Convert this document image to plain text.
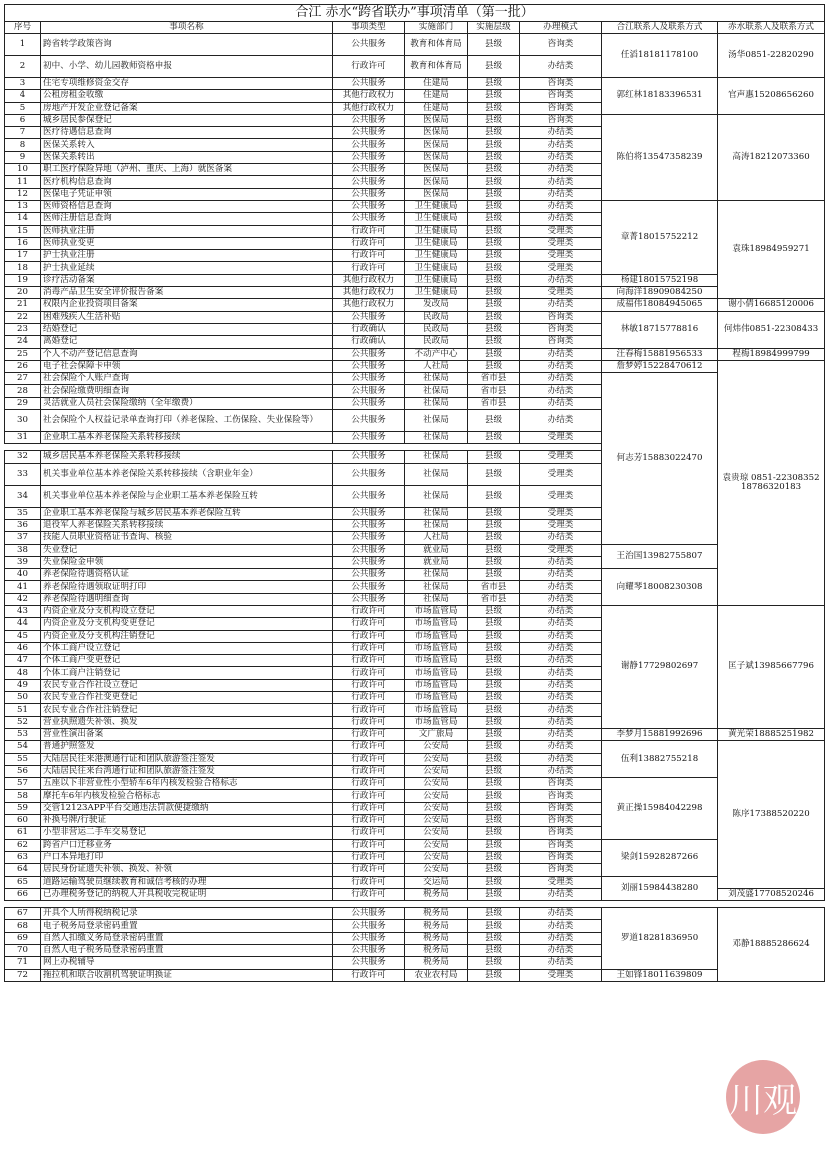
合江 赤水“跨省联办”事项清单（第一批）							
序号	事项名称	事项类型	实施部门	实施层级	办理模式	合江联系人及联系方式	赤水联系人及联系方式
1	跨省转学政策咨询	公共服务	教育和体育局	县级	咨询类	任滔18181178100	汤华0851-22820290
2	初中、小学、幼儿园教师资格申报	行政许可	教育和体育局	县级	办结类		
3	住宅专项维修资金交存	公共服务	住建局	县级	咨询类	郭红林18183396531	官声惠15208656260
4	公租房租金收缴	其他行政权力	住建局	县级	咨询类		
5	房地产开发企业登记备案	其他行政权力	住建局	县级	咨询类		
6	城乡居民参保登记	公共服务	医保局	县级	咨询类	陈伯将13547358239	高涛18212073360
7	医疗待遇信息查询	公共服务	医保局	县级	办结类		
8	医保关系转入	公共服务	医保局	县级	办结类		
9	医保关系转出	公共服务	医保局	县级	办结类		
10	职工医疗保险异地（泸州、重庆、上海）就医备案	公共服务	医保局	县级	办结类		
11	医疗机构信息查询	公共服务	医保局	县级	办结类		
12	医保电子凭证申领	公共服务	医保局	县级	办结类		
13	医师资格信息查询	公共服务	卫生健康局	县级	办结类	章菁18015752212	袁珠18984959271
14	医师注册信息查询	公共服务	卫生健康局	县级	办结类		
15	医师执业注册	行政许可	卫生健康局	县级	受理类		
16	医师执业变更	行政许可	卫生健康局	县级	受理类		
17	护士执业注册	行政许可	卫生健康局	县级	受理类		
18	护士执业延续	行政许可	卫生健康局	县级	受理类		
19	诊疗活动备案	其他行政权力	卫生健康局	县级	办结类	杨建18015752198	
20	消毒产品卫生安全评价报告备案	其他行政权力	卫生健康局	县级	受理类	向海洋18909084250	
21	权限内企业投资项目备案	其他行政权力	发改局	县级	办结类	成福伟18084945065	谢小倩16685120006
22	困难残疾人生活补贴	公共服务	民政局	县级	咨询类	林敏18715778816	何炜伟0851-22308433
23	结婚登记	行政确认	民政局	县级	咨询类		
24	离婚登记	行政确认	民政局	县级	咨询类		
25	个人不动产登记信息查询	公共服务	不动产中心	县级	办结类	汪春梅15881956533	程梅18984999799
26	电子社会保障卡申领	公共服务	人社局	县级	办结类	詹梦婷15228470612	袁贵琼 0851-22308352 18786320183
27	社会保险个人账户查询	公共服务	社保局	省市县	办结类	何志芳15883022470	
28	社会保险缴费明细查询	公共服务	社保局	省市县	办结类		
29	灵活就业人员社会保险缴纳（全年缴费）	公共服务	社保局	省市县	办结类		
30	社会保险个人权益记录单查询打印（养老保险、工伤保险、失业保险等）	公共服务	社保局	县级	办结类		
31	企业职工基本养老保险关系转移接续	公共服务	社保局	县级	受理类		

32	城乡居民基本养老保险关系转移接续	公共服务	社保局	县级	受理类		
33	机关事业单位基本养老保险关系转移接续（含职业年金）	公共服务	社保局	县级	受理类		
34	机关事业单位基本养老保险与企业职工基本养老保险互转	公共服务	社保局	县级	受理类		
35	企业职工基本养老保险与城乡居民基本养老保险互转	公共服务	社保局	县级	受理类		
36	退役军人养老保险关系转移接续	公共服务	社保局	县级	受理类		
37	技能人员职业资格证书查询、核验	公共服务	人社局	县级	办结类		
38	失业登记	公共服务	就业局	县级	受理类	王治国13982755807	
39	失业保险金申领	公共服务	就业局	县级	办结类		
40	养老保险待遇资格认证	公共服务	社保局	县级	办结类	向耀琴18008230308	
41	养老保险待遇领取证明打印	公共服务	社保局	省市县	办结类		
42	养老保险待遇明细查询	公共服务	社保局	省市县	办结类		
43	内资企业及分支机构设立登记	行政许可	市场监管局	县级	办结类	谢静17729802697	匡子斌13985667796
44	内资企业及分支机构变更登记	行政许可	市场监管局	县级	办结类		
45	内资企业及分支机构注销登记	行政许可	市场监管局	县级	办结类		
46	个体工商户设立登记	行政许可	市场监管局	县级	办结类		
47	个体工商户变更登记	行政许可	市场监管局	县级	办结类		
48	个体工商户注销登记	行政许可	市场监管局	县级	办结类		
49	农民专业合作社设立登记	行政许可	市场监管局	县级	办结类		
50	农民专业合作社变更登记	行政许可	市场监管局	县级	办结类		
51	农民专业合作社注销登记	行政许可	市场监管局	县级	办结类		
52	营业执照遗失补领、换发	行政许可	市场监管局	县级	办结类		
53	营业性演出备案	行政许可	文广旅局	县级	办结类	李梦月15881992696	黄光荣18885251982
54	普通护照签发	行政许可	公安局	县级	办结类	伍利13882755218	陈序17388520220
55	大陆居民往来港澳通行证和团队旅游签注签发	行政许可	公安局	县级	办结类		
56	大陆居民往来台湾通行证和团队旅游签注签发	行政许可	公安局	县级	办结类		
57	五座以下非营业性小型轿车6年内核发检验合格标志	行政许可	公安局	县级	咨询类	黄正操15984042298	
58	摩托车6年内核发检验合格标志	行政许可	公安局	县级	咨询类		
59	交管12123APP平台交通违法罚款便捷缴纳	行政许可	公安局	县级	咨询类		
60	补换号牌/行驶证	行政许可	公安局	县级	咨询类		
61	小型非营运二手车交易登记	行政许可	公安局	县级	咨询类		
62	跨省户口迁移业务	行政许可	公安局	县级	咨询类	梁剑15928287266	
63	户口本异地打印	行政许可	公安局	县级	咨询类		
64	居民身份证遗失补领、换发、补领	行政许可	公安局	县级	咨询类		
65	道路运输驾驶员继续教育和诚信考核的办理	行政许可	交运局	县级	受理类	刘丽15984438280	
66	已办理税务登记的纳税人开具税收完税证明	行政许可	税务局	县级	办结类		刘茂盛17708520246

67	开具个人所得税纳税记录	公共服务	税务局	县级	办结类	罗道18281836950	邓静18885286624
68	电子税务局登录密码重置	公共服务	税务局	县级	办结类		
69	自然人扣缴义务局登录密码重置	公共服务	税务局	县级	办结类		
70	自然人电子税务局登录密码重置	公共服务	税务局	县级	办结类		
71	网上办税辅导	公共服务	税务局	县级	办结类		
72	拖拉机和联合收割机驾驶证明换证	行政许可	农业农村局	县级	受理类	王如锋18011639809	
川观
